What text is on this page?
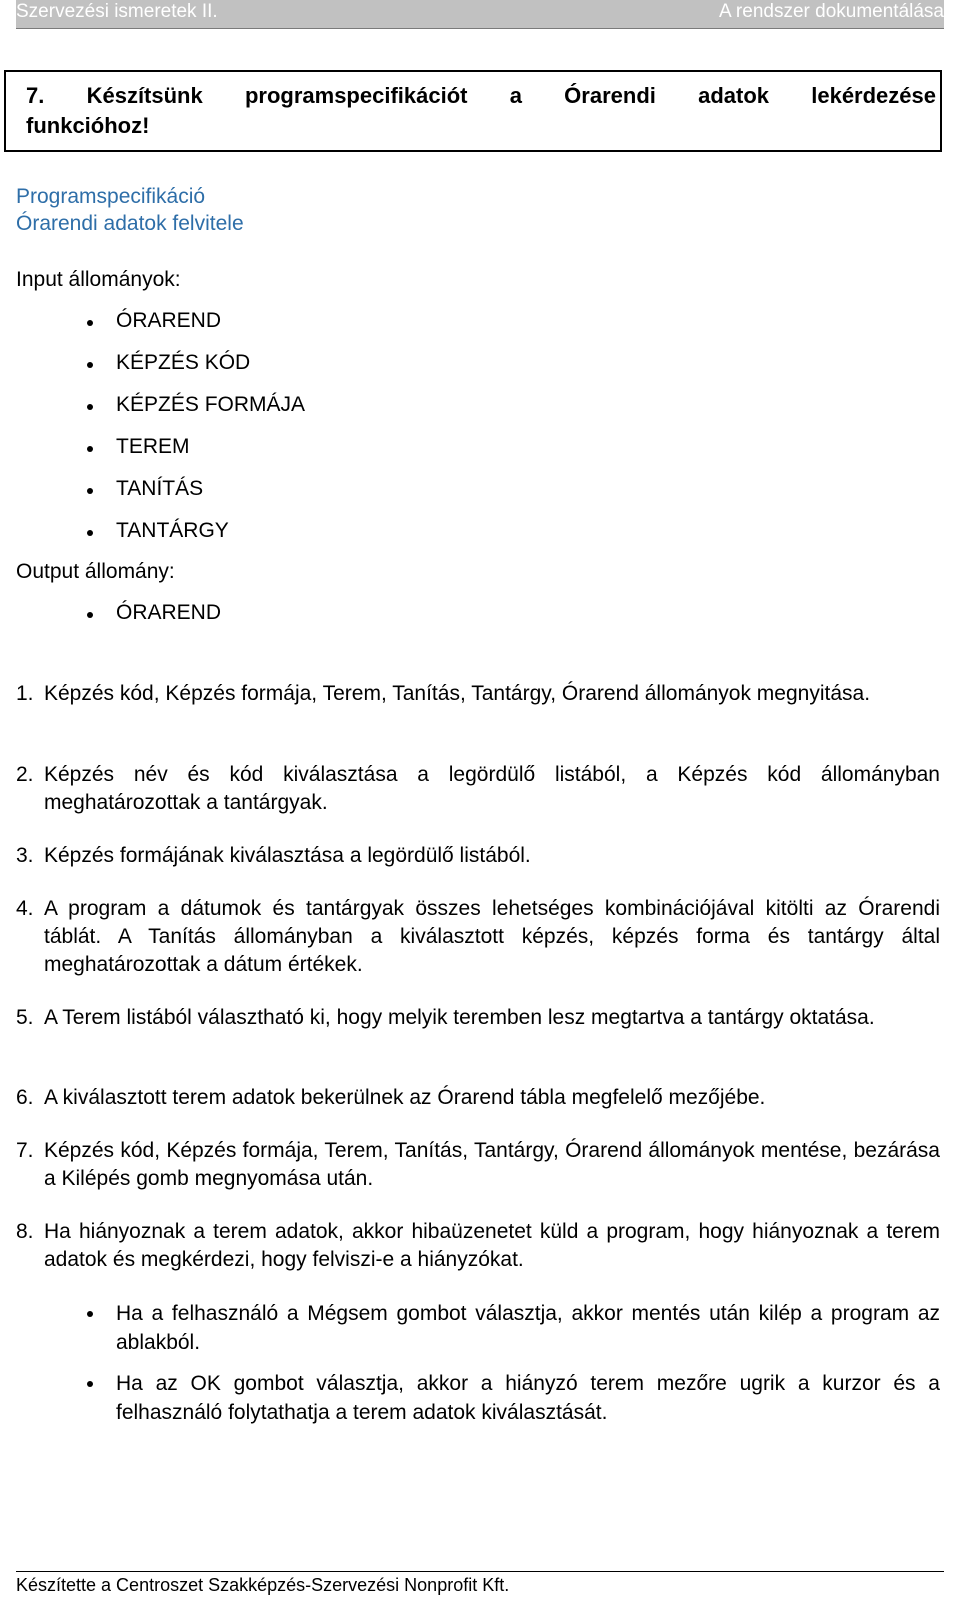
Szervezési ismeretek II.	A rendszer dokumentálása
7. Készítsünk programspecifikációt a Órarendi adatok lekérdezése
funkcióhoz!
Programspecifikáció
Órarendi adatok felvitele
Input állományok:
ÓRAREND
KÉPZÉS KÓD
KÉPZÉS FORMÁJA
TEREM
TANÍTÁS
TANTÁRGY
Output állomány:
ÓRAREND
1. Képzés kód, Képzés formája, Terem, Tanítás, Tantárgy, Órarend állományok megnyitása.
2. Képzés név és kód kiválasztása a legördülő listából, a Képzés kód állományban meghatározottak a tantárgyak.
3. Képzés formájának kiválasztása a legördülő listából.
4. A program a dátumok és tantárgyak összes lehetséges kombinációjával kitölti az Órarendi táblát. A Tanítás állományban a kiválasztott képzés, képzés forma és tantárgy által meghatározottak a dátum értékek.
5. A Terem listából választható ki, hogy melyik teremben lesz megtartva a tantárgy oktatása.
6. A kiválasztott terem adatok bekerülnek az Órarend tábla megfelelő mezőjébe.
7. Képzés kód, Képzés formája, Terem, Tanítás, Tantárgy, Órarend állományok mentése, bezárása a Kilépés gomb megnyomása után.
8. Ha hiányoznak a terem adatok, akkor hibaüzenetet küld a program, hogy hiányoznak a terem adatok és megkérdezi, hogy felviszi-e a hiányzókat.
Ha a felhasználó a Mégsem gombot választja, akkor mentés után kilép a program az ablakból.
Ha az OK gombot választja, akkor a hiányzó terem mezőre ugrik a kurzor és a felhasználó folytathatja a terem adatok kiválasztását.
Készítette a Centroszet Szakképzés-Szervezési Nonprofit Kft.
